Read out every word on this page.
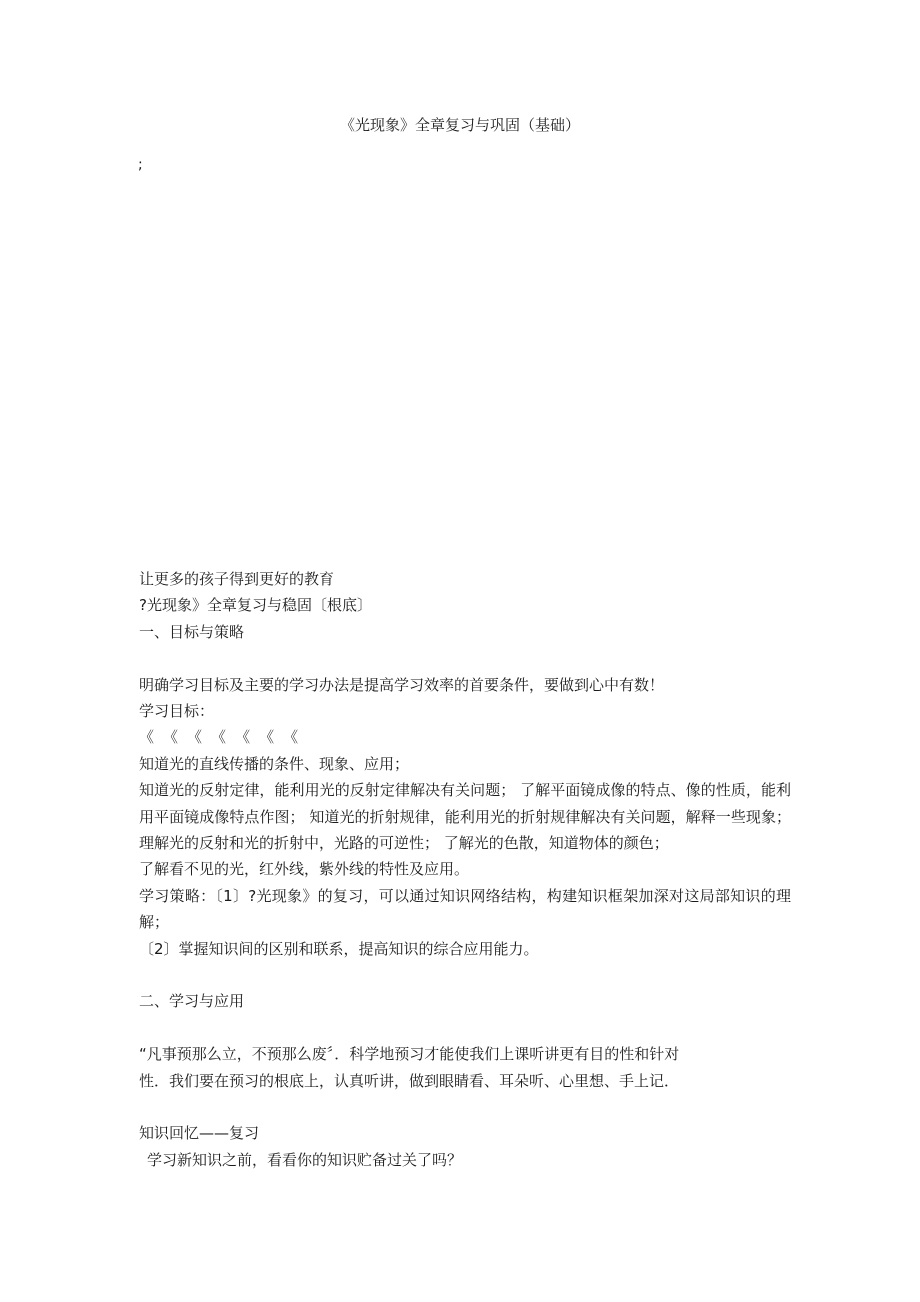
《光现象》全章复习与巩固（基础）
;

让更多的孩子得到更好的教育

?光现象》全章复习与稳固〔根底〕

一、目标与策略

明确学习目标及主要的学习办法是提高学习效率的首要条件，要做到心中有数！

学习目标：

《 《 《 《 《 《 《

知道光的直线传播的条件、现象、应用；

知道光的反射定律，能利用光的反射定律解决有关问题； 了解平面镜成像的特点、像的性质，能利用平面镜成像特点作图； 知道光的折射规律，能利用光的折射规律解决有关问题，解释一些现象； 理解光的反射和光的折射中，光路的可逆性； 了解光的色散，知道物体的颜色；

了解看不见的光，红外线，紫外线的特性及应用。

学习策略：〔1〕?光现象》的复习，可以通过知识网络结构，构建知识框架加深对这局部知识的理解；

〔2〕掌握知识间的区别和联系，提高知识的综合应用能力。

二、学习与应用

“凡事预那么立，不预那么废〞．科学地预习才能使我们上课听讲更有目的性和针对

性．我们要在预习的根底上，认真听讲，做到眼睛看、耳朵听、心里想、手上记．

知识回忆——复习

学习新知识之前，看看你的知识贮备过关了吗？
